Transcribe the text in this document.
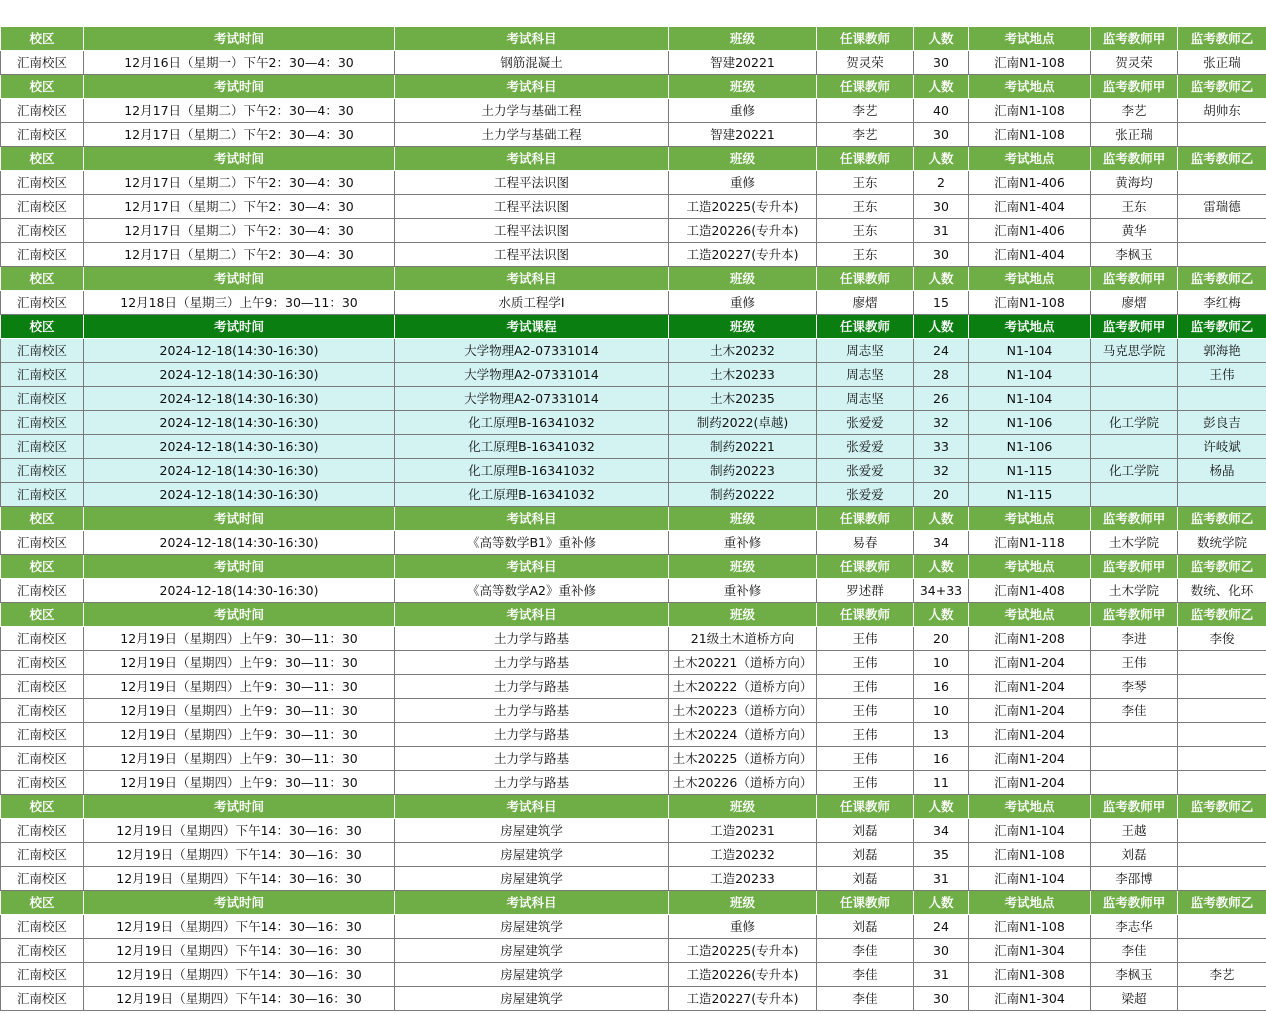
校区	考试时间	考试科目	班级	任课教师	人数	考试地点	监考教师甲	监考教师乙
汇南校区	12月16日（星期一）下午2：30—4：30	钢筋混凝土	智建20221	贺灵荣	30	汇南N1-108	贺灵荣	张正瑞
校区	考试时间	考试科目	班级	任课教师	人数	考试地点	监考教师甲	监考教师乙
汇南校区	12月17日（星期二）下午2：30—4：30	土力学与基础工程	重修	李艺	40	汇南N1-108	李艺	胡帅东
汇南校区	12月17日（星期二）下午2：30—4：30	土力学与基础工程	智建20221	李艺	30	汇南N1-108	张正瑞	
校区	考试时间	考试科目	班级	任课教师	人数	考试地点	监考教师甲	监考教师乙
汇南校区	12月17日（星期二）下午2：30—4：30	工程平法识图	重修	王东	2	汇南N1-406	黄海均	
汇南校区	12月17日（星期二）下午2：30—4：30	工程平法识图	工造20225(专升本)	王东	30	汇南N1-404	王东	雷瑞德
汇南校区	12月17日（星期二）下午2：30—4：30	工程平法识图	工造20226(专升本)	王东	31	汇南N1-406	黄华	
汇南校区	12月17日（星期二）下午2：30—4：30	工程平法识图	工造20227(专升本)	王东	30	汇南N1-404	李枫玉	
校区	考试时间	考试科目	班级	任课教师	人数	考试地点	监考教师甲	监考教师乙
汇南校区	12月18日（星期三）上午9：30—11：30	水质工程学Ⅰ	重修	廖熠	15	汇南N1-108	廖熠	李红梅
校区	考试时间	考试课程	班级	任课教师	人数	考试地点	监考教师甲	监考教师乙
汇南校区	2024-12-18(14:30-16:30)	大学物理A2-07331014	土木20232	周志坚	24	N1-104	马克思学院	郭海艳
汇南校区	2024-12-18(14:30-16:30)	大学物理A2-07331014	土木20233	周志坚	28	N1-104		王伟
汇南校区	2024-12-18(14:30-16:30)	大学物理A2-07331014	土木20235	周志坚	26	N1-104		
汇南校区	2024-12-18(14:30-16:30)	化工原理B-16341032	制药2022(卓越)	张爱爱	32	N1-106	化工学院	彭良吉
汇南校区	2024-12-18(14:30-16:30)	化工原理B-16341032	制药20221	张爱爱	33	N1-106		许岐斌
汇南校区	2024-12-18(14:30-16:30)	化工原理B-16341032	制药20223	张爱爱	32	N1-115	化工学院	杨晶
汇南校区	2024-12-18(14:30-16:30)	化工原理B-16341032	制药20222	张爱爱	20	N1-115		
校区	考试时间	考试科目	班级	任课教师	人数	考试地点	监考教师甲	监考教师乙
汇南校区	2024-12-18(14:30-16:30)	《高等数学B1》重补修	重补修	易春	34	汇南N1-118	土木学院	数统学院
校区	考试时间	考试科目	班级	任课教师	人数	考试地点	监考教师甲	监考教师乙
汇南校区	2024-12-18(14:30-16:30)	《高等数学A2》重补修	重补修	罗述群	34+33	汇南N1-408	土木学院	数统、化环
校区	考试时间	考试科目	班级	任课教师	人数	考试地点	监考教师甲	监考教师乙
汇南校区	12月19日（星期四）上午9：30—11：30	土力学与路基	21级土木道桥方向	王伟	20	汇南N1-208	李进	李俊
汇南校区	12月19日（星期四）上午9：30—11：30	土力学与路基	土木20221（道桥方向）	王伟	10	汇南N1-204	王伟	
汇南校区	12月19日（星期四）上午9：30—11：30	土力学与路基	土木20222（道桥方向）	王伟	16	汇南N1-204	李琴	
汇南校区	12月19日（星期四）上午9：30—11：30	土力学与路基	土木20223（道桥方向）	王伟	10	汇南N1-204	李佳	
汇南校区	12月19日（星期四）上午9：30—11：30	土力学与路基	土木20224（道桥方向）	王伟	13	汇南N1-204		
汇南校区	12月19日（星期四）上午9：30—11：30	土力学与路基	土木20225（道桥方向）	王伟	16	汇南N1-204		
汇南校区	12月19日（星期四）上午9：30—11：30	土力学与路基	土木20226（道桥方向）	王伟	11	汇南N1-204		
校区	考试时间	考试科目	班级	任课教师	人数	考试地点	监考教师甲	监考教师乙
汇南校区	12月19日（星期四）下午14：30—16：30	房屋建筑学	工造20231	刘磊	34	汇南N1-104	王越	
汇南校区	12月19日（星期四）下午14：30—16：30	房屋建筑学	工造20232	刘磊	35	汇南N1-108	刘磊	
汇南校区	12月19日（星期四）下午14：30—16：30	房屋建筑学	工造20233	刘磊	31	汇南N1-104	李邵博	
校区	考试时间	考试科目	班级	任课教师	人数	考试地点	监考教师甲	监考教师乙
汇南校区	12月19日（星期四）下午14：30—16：30	房屋建筑学	重修	刘磊	24	汇南N1-108	李志华	
汇南校区	12月19日（星期四）下午14：30—16：30	房屋建筑学	工造20225(专升本)	李佳	30	汇南N1-304	李佳	
汇南校区	12月19日（星期四）下午14：30—16：30	房屋建筑学	工造20226(专升本)	李佳	31	汇南N1-308	李枫玉	李艺
汇南校区	12月19日（星期四）下午14：30—16：30	房屋建筑学	工造20227(专升本)	李佳	30	汇南N1-304	梁超	
